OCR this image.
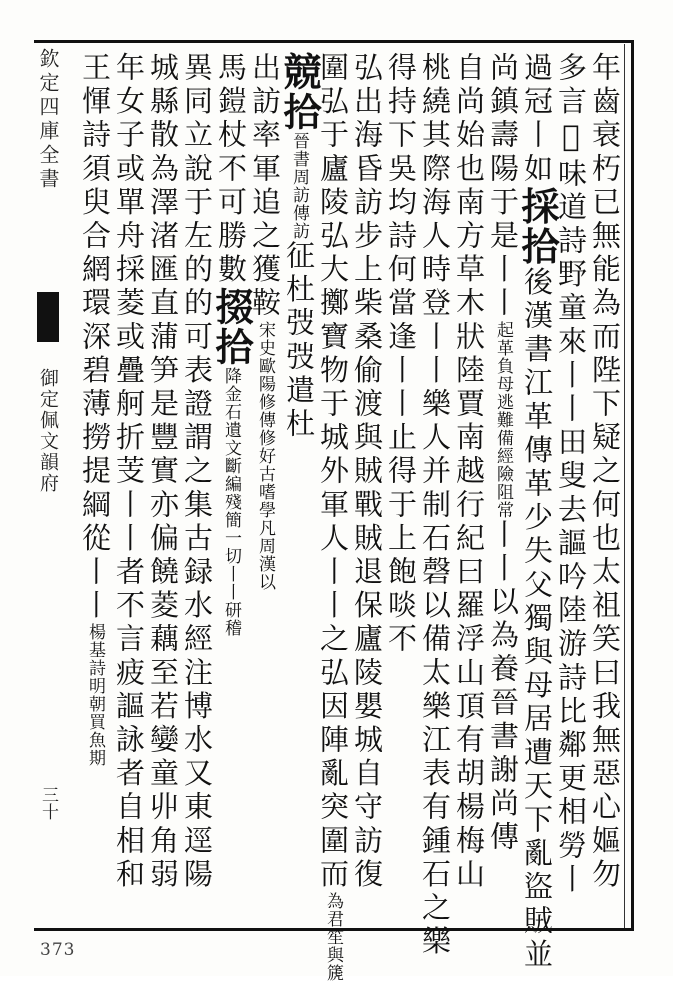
欽定四庫全書
御定佩文韻府
三十	年齒衰朽已無能為而陛下疑之何也太祖笑曰我無惡心嫗勿
多言𥨊味道詩野童來丨丨田叟去謳吟陸游詩比鄰更相勞丨
過冠丨如採拾後漢書江革傳革少失父獨與母居遭天下亂盜賊並
尚鎮壽陽于是丨丨起革負母逃難備經險阻常丨丨以為養晉書謝尚傳
自尚始也南方草木狀陸賈南越行紀曰羅浮山頂有胡楊梅山
桃繞其際海人時登丨丨樂人并制石磬以備太樂江表有鍾石之樂
得持下吳均詩何當逢丨丨止得于上飽啖不
弘出海昏訪步上柴桑偷渡與賊戰賊退保廬陵嬰城自守訪復
圍弘于廬陵弘大擲寶物于城外軍人丨丨之弘因陣亂突圍而為君笙與篪
競拾晉書周訪傳訪征杜弢弢遣杜
出訪率軍追之獲鞍宋史歐陽修傳修好古嗜學凡周漢以
馬鎧杖不可勝數掇拾降金石遺文斷編殘簡一切丨丨研稽
異同立說于左的的可表證謂之集古録水經注博水又東逕陽
城縣散為澤渚匯直蒲笋是豐實亦偏饒菱藕至若孌童丱角弱
年女子或單舟採菱或疊舸折芰丨丨者不言疲謳詠者自相和
王惲詩須臾合網環深碧薄撈提綱從丨丨楊基詩明朝買魚期
373
